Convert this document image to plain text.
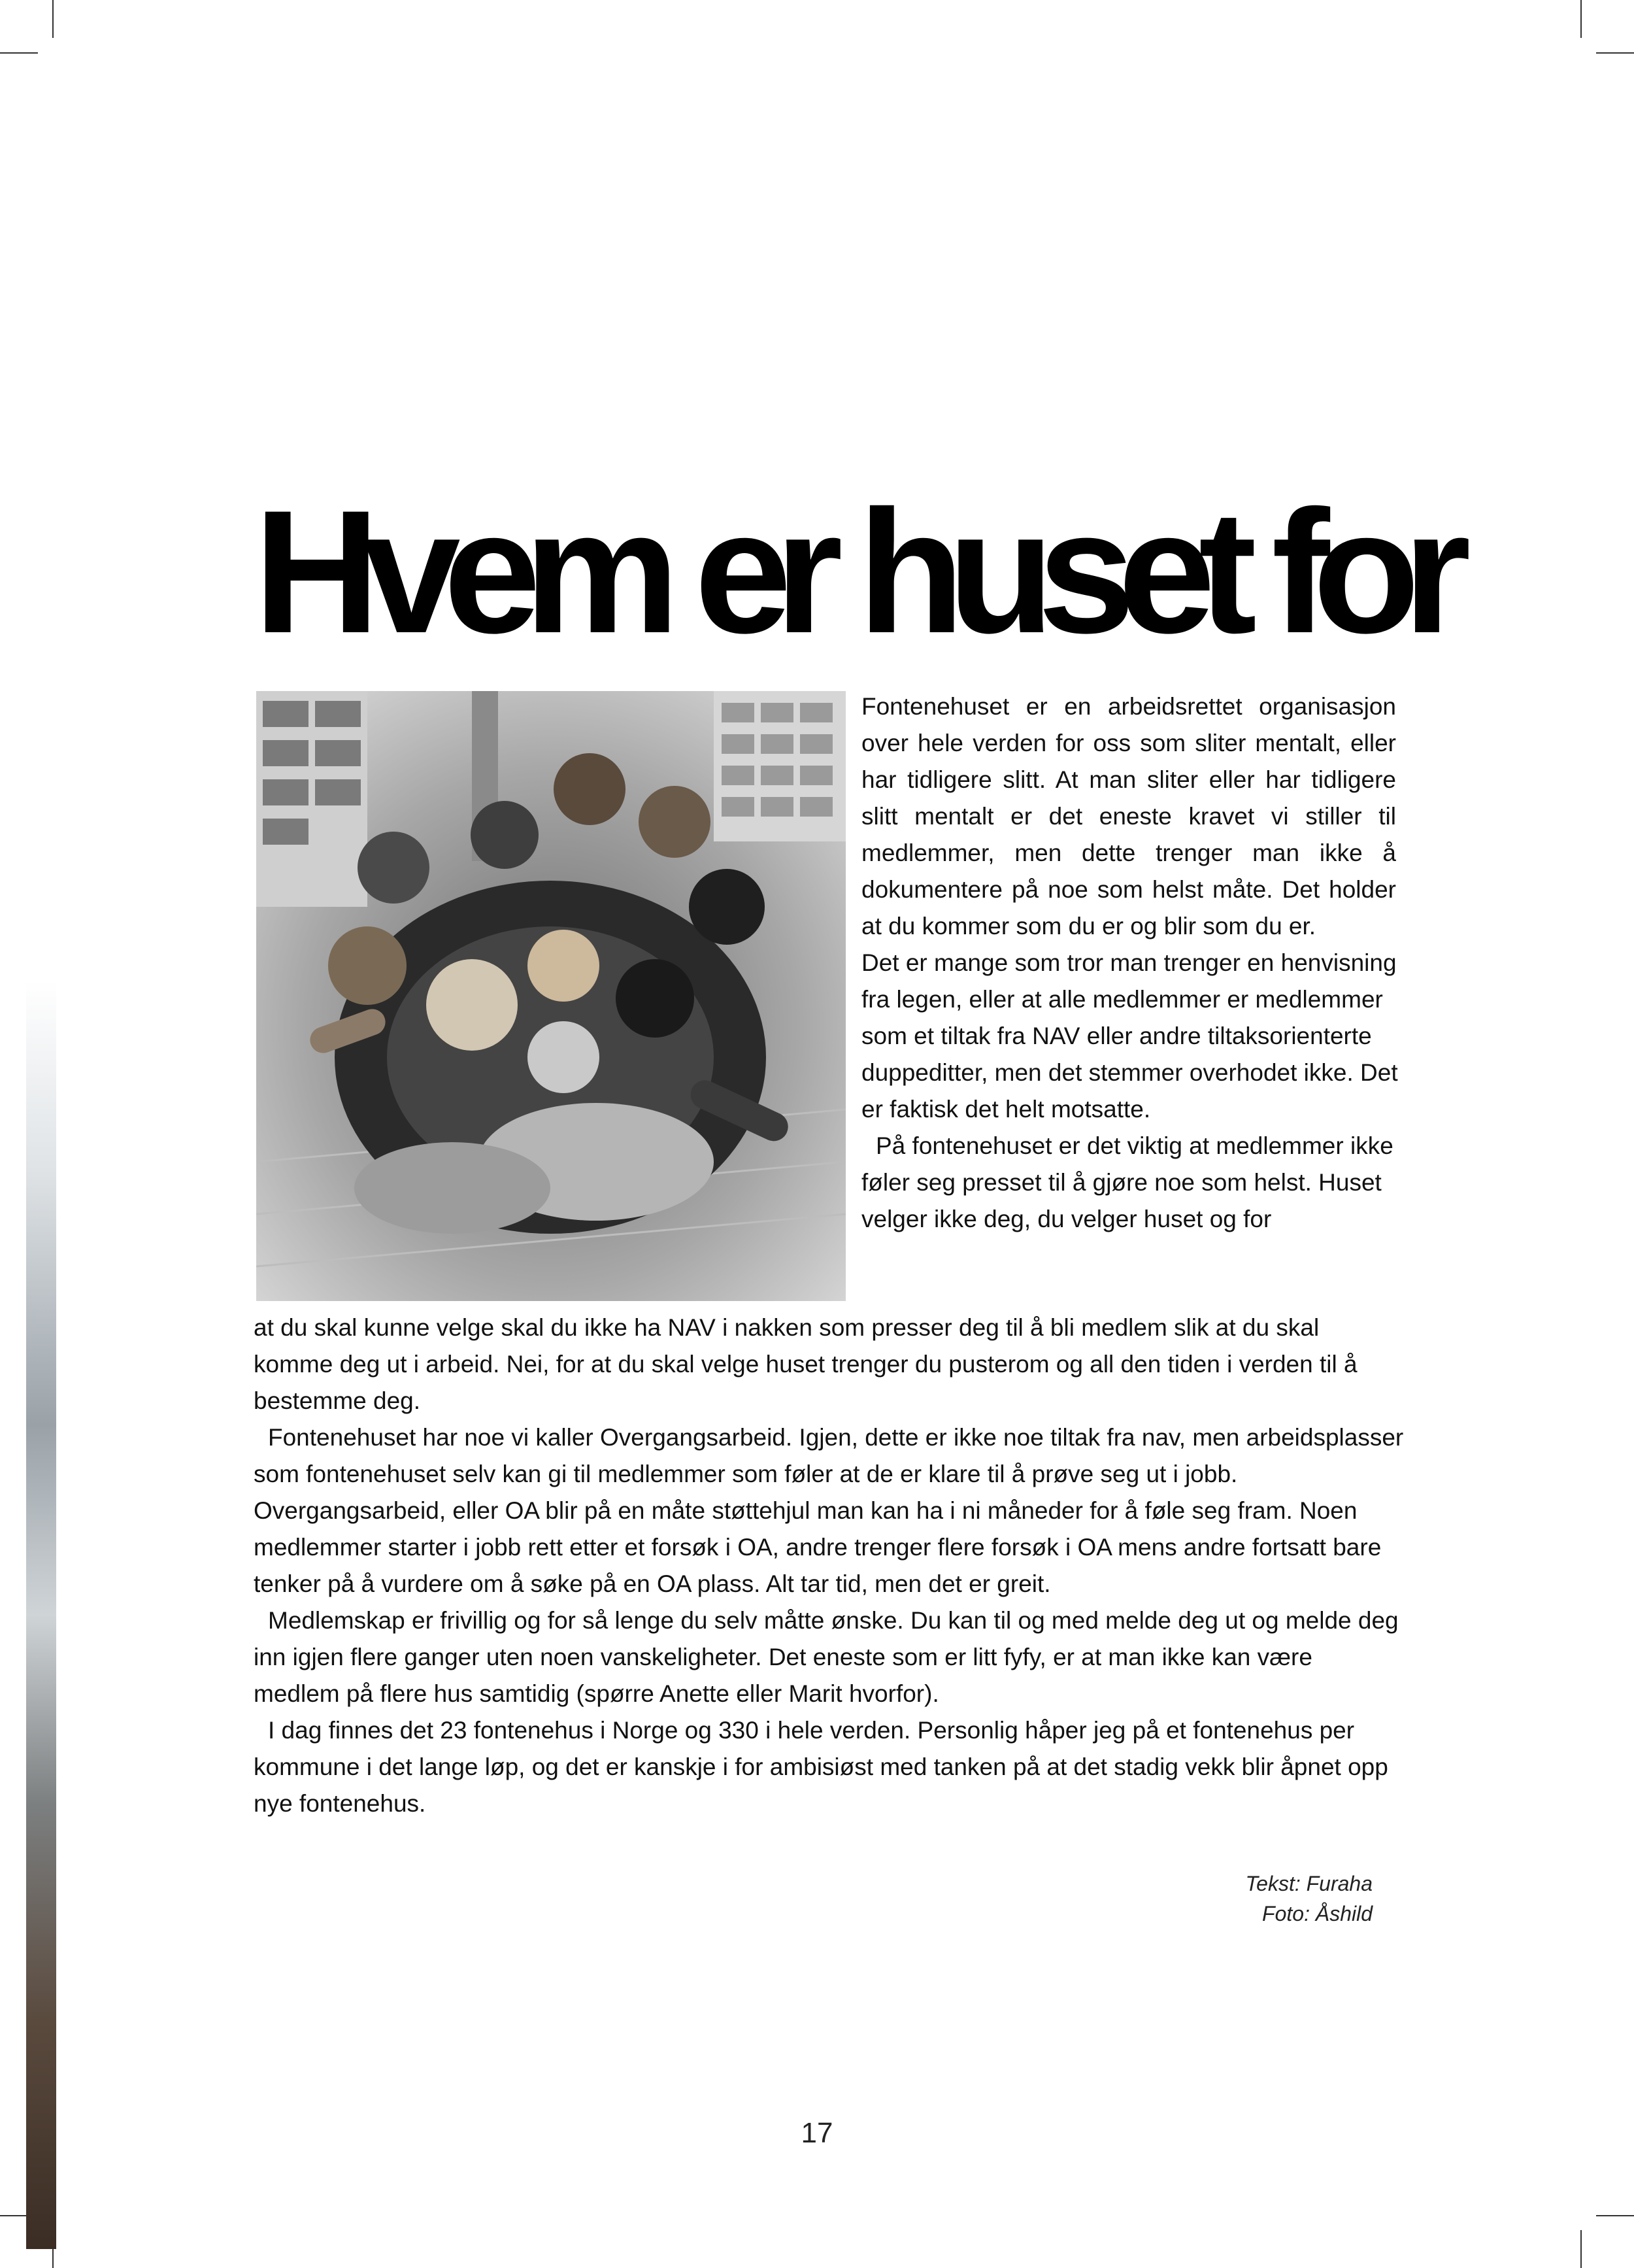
Hvem er huset for

Fontenehuset er en arbeidsrettet organisasjon over hele verden for oss som sliter mentalt, eller har tidligere slitt. At man sliter eller har tidligere slitt mentalt er det eneste kravet vi stiller til medlemmer, men dette trenger man ikke å dokumentere på noe som helst måte. Det holder at du kommer som du er og blir som du er.

Det er mange som tror man trenger en henvisning fra legen, eller at alle medlemmer er medlemmer som et tiltak fra NAV eller andre tiltaksorienterte duppeditter, men det stemmer overhodet ikke. Det er faktisk det helt motsatte.

På fontenehuset er det viktig at medlemmer ikke føler seg presset til å gjøre noe som helst. Huset velger ikke deg, du velger huset og for

at du skal kunne velge skal du ikke ha NAV i nakken som presser deg til å bli medlem slik at du skal komme deg ut i arbeid. Nei, for at du skal velge huset trenger du pusterom og all den tiden i verden til å bestemme deg.

Fontenehuset har noe vi kaller Overgangsarbeid. Igjen, dette er ikke noe tiltak fra nav, men arbeidsplasser som fontenehuset selv kan gi til medlemmer som føler at de er klare til å prøve seg ut i jobb. Overgangsarbeid, eller OA blir på en måte støttehjul man kan ha i ni måneder for å føle seg fram. Noen medlemmer starter i jobb rett etter et forsøk i OA, andre trenger flere forsøk i OA mens andre fortsatt bare tenker på å vurdere om å søke på en OA plass. Alt tar tid, men det er greit.

Medlemskap er frivillig og for så lenge du selv måtte ønske. Du kan til og med melde deg ut og melde deg inn igjen flere ganger uten noen vanskeligheter. Det eneste som er litt fyfy, er at man ikke kan være medlem på flere hus samtidig (spørre Anette eller Marit hvorfor).

I dag finnes det 23 fontenehus i Norge og 330 i hele verden. Personlig håper jeg på et fontenehus per kommune i det lange løp, og det er kanskje i for ambisiøst med tanken på at det stadig vekk blir åpnet opp nye fontenehus.

Tekst: Furaha
Foto: Åshild
17
